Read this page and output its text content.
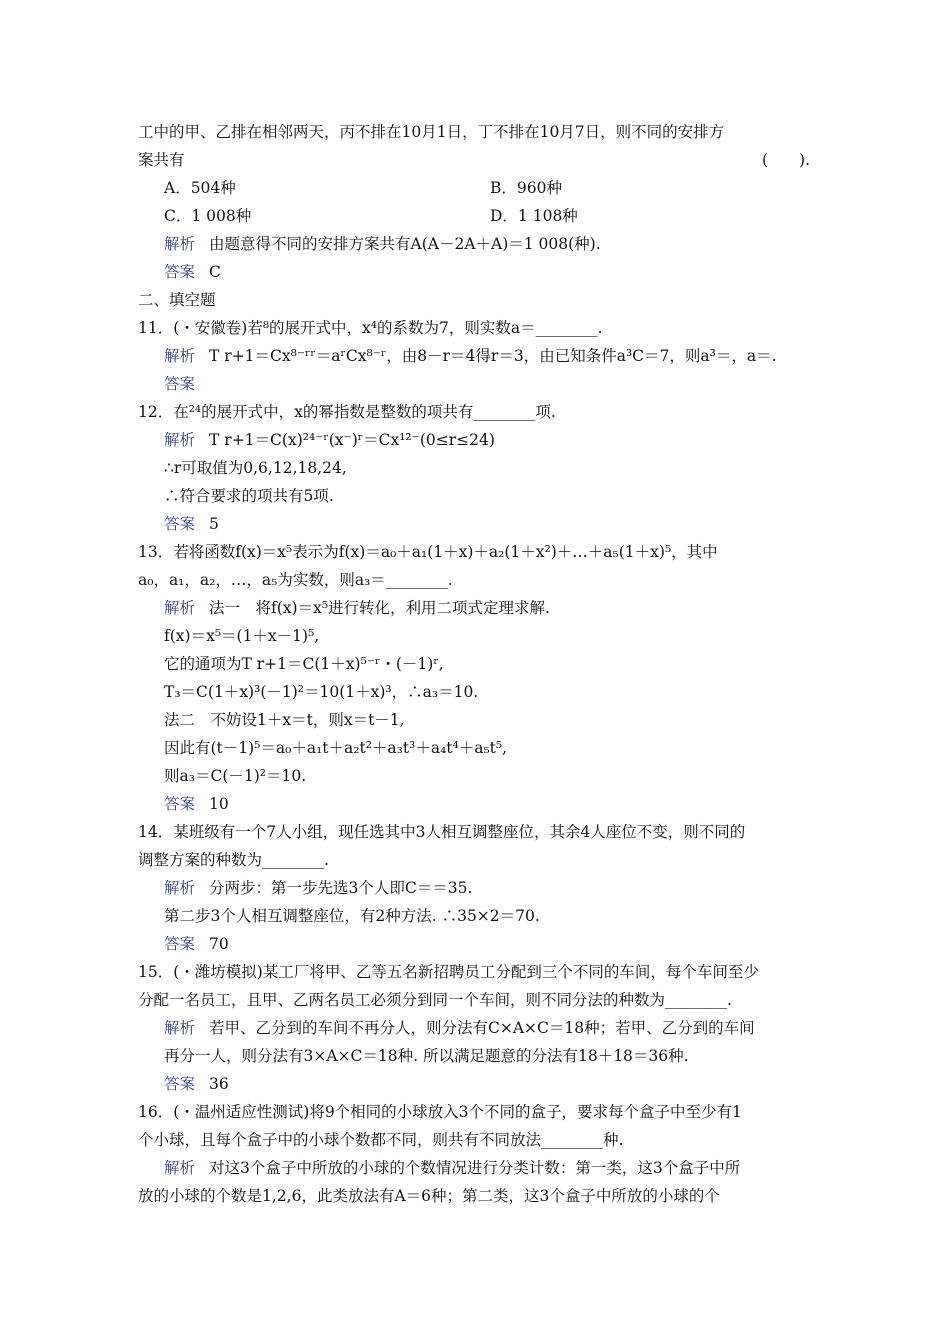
工中的甲、乙排在相邻两天，丙不排在10月1日，丁不排在10月7日，则不同的安排方
案共有	(　　).
A．504种	B．960种
C．1 008种	D．1 108种
解析 由题意得不同的安排方案共有A(A－2A＋A)＝1 008(种).
答案 C
二、填空题
11．(・安徽卷)若⁸的展开式中，x⁴的系数为7，则实数a＝________.
解析 T r+1＝Cx⁸⁻ʳʳ＝aʳCx⁸⁻ʳ，由8－r＝4得r＝3，由已知条件a³C＝7，则a³＝，a＝.
答案
12．在²⁴的展开式中，x的幂指数是整数的项共有________项.
解析 T r+1＝C(x)²⁴⁻ʳ(x⁻)ʳ＝Cx¹²⁻(0≤r≤24)
∴r可取值为0,6,12,18,24,
∴符合要求的项共有5项.
答案 5
13．若将函数f(x)＝x⁵表示为f(x)＝a₀＋a₁(1＋x)＋a₂(1＋x²)＋…＋a₅(1＋x)⁵，其中
a₀，a₁，a₂，…，a₅为实数，则a₃＝________.
解析 法一　将f(x)＝x⁵进行转化，利用二项式定理求解.
f(x)＝x⁵＝(1＋x－1)⁵,
它的通项为T r+1＝C(1＋x)⁵⁻ʳ・(－1)ʳ,
T₃＝C(1＋x)³(－1)²＝10(1＋x)³，∴a₃＝10.
法二　不妨设1＋x＝t，则x＝t－1,
因此有(t－1)⁵＝a₀＋a₁t＋a₂t²＋a₃t³＋a₄t⁴＋a₅t⁵,
则a₃＝C(－1)²＝10.
答案 10
14．某班级有一个7人小组，现任选其中3人相互调整座位，其余4人座位不变，则不同的
调整方案的种数为________.
解析 分两步：第一步先选3个人即C＝＝35.
第二步3个人相互调整座位，有2种方法. ∴35×2＝70.
答案 70
15．(・潍坊模拟)某工厂将甲、乙等五名新招聘员工分配到三个不同的车间，每个车间至少
分配一名员工，且甲、乙两名员工必须分到同一个车间，则不同分法的种数为________.
解析 若甲、乙分到的车间不再分人，则分法有C×A×C＝18种；若甲、乙分到的车间
再分一人，则分法有3×A×C＝18种. 所以满足题意的分法有18＋18＝36种.
答案 36
16．(・温州适应性测试)将9个相同的小球放入3个不同的盒子，要求每个盒子中至少有1
个小球，且每个盒子中的小球个数都不同，则共有不同放法________种.
解析 对这3个盒子中所放的小球的个数情况进行分类计数：第一类，这3个盒子中所
放的小球的个数是1,2,6，此类放法有A＝6种；第二类，这3个盒子中所放的小球的个
